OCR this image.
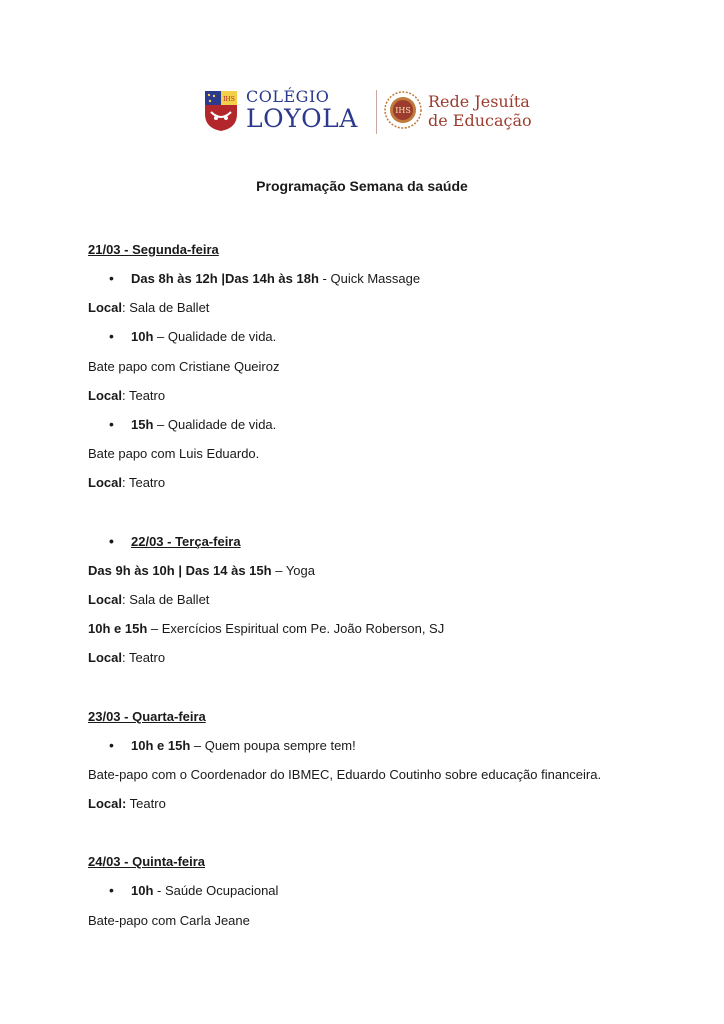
IHS COLÉGIO
LOYOLA	IHS Rede Jesuíta
de Educação
Programação Semana da saúde
21/03 - Segunda-feira
• Das 8h às 12h |Das 14h às 18h - Quick Massage
Local: Sala de Ballet
• 10h – Qualidade de vida.
Bate papo com Cristiane Queiroz
Local: Teatro
• 15h – Qualidade de vida.
Bate papo com Luis Eduardo.
Local: Teatro
• 22/03 - Terça-feira
Das 9h às 10h | Das 14 às 15h – Yoga
Local: Sala de Ballet
10h e 15h – Exercícios Espiritual com Pe. João Roberson, SJ
Local: Teatro
23/03 - Quarta-feira
• 10h e 15h – Quem poupa sempre tem!
Bate-papo com o Coordenador do IBMEC, Eduardo Coutinho sobre educação financeira.
Local: Teatro
24/03 - Quinta-feira
• 10h - Saúde Ocupacional
Bate-papo com Carla Jeane
